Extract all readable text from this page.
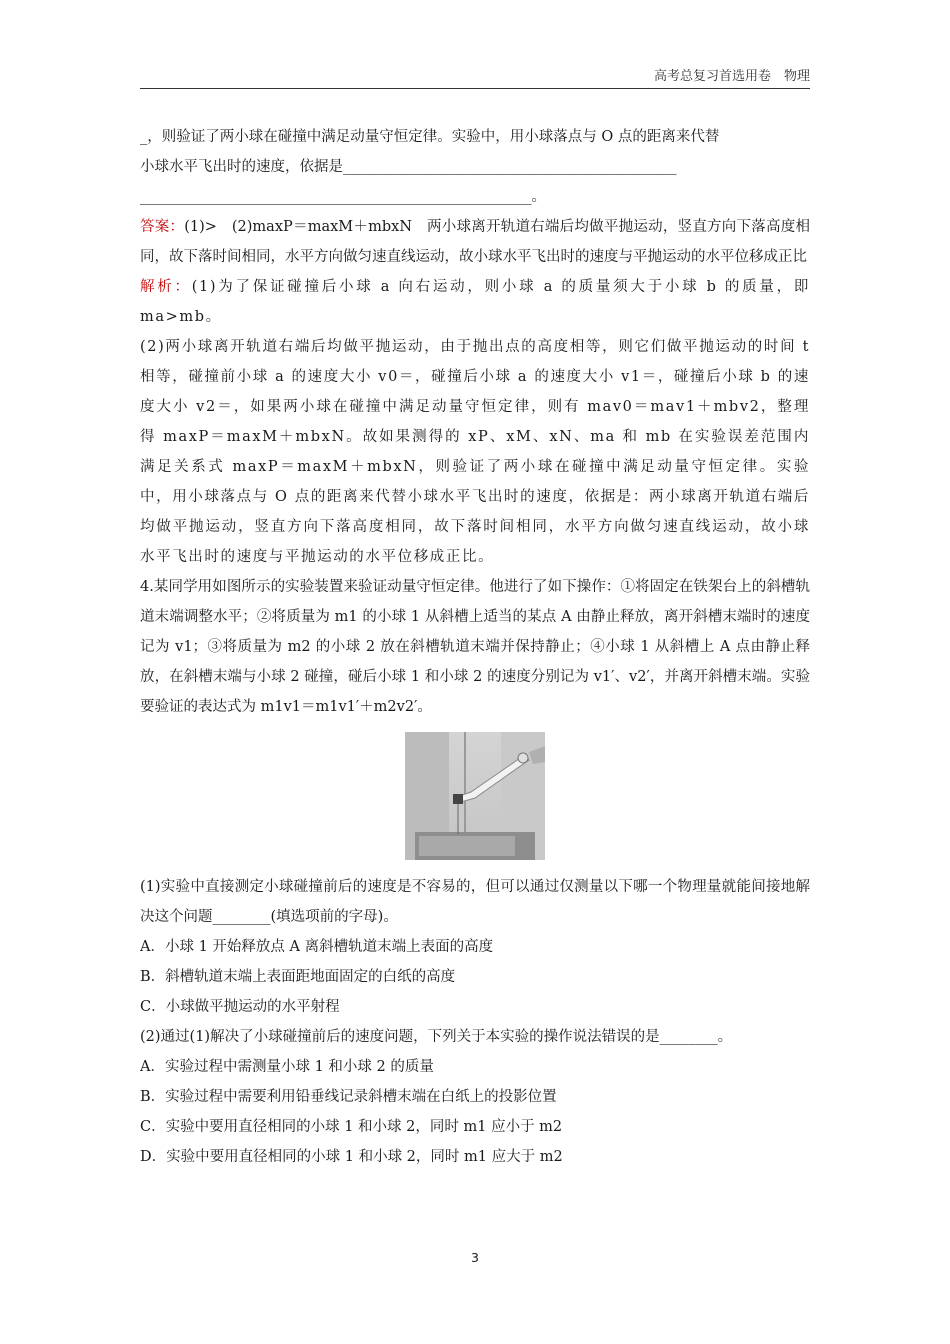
高考总复习首选用卷　物理

_，则验证了两小球在碰撞中满足动量守恒定律。实验中，用小球落点与 O 点的距离来代替

小球水平飞出时的速度，依据是______________________________________________

______________________________________________________。

答案：(1)>　(2)maxP＝maxM＋mbxN　两小球离开轨道右端后均做平抛运动，竖直方向下落高度相同，故下落时间相同，水平方向做匀速直线运动，故小球水平飞出时的速度与平抛运动的水平位移成正比

解析：(1)为了保证碰撞后小球 a 向右运动，则小球 a 的质量须大于小球 b 的质量，即 ma>mb。

(2)两小球离开轨道右端后均做平抛运动，由于抛出点的高度相等，则它们做平抛运动的时间 t 相等，碰撞前小球 a 的速度大小 v0＝，碰撞后小球 a 的速度大小 v1＝，碰撞后小球 b 的速度大小 v2＝，如果两小球在碰撞中满足动量守恒定律，则有 mav0＝mav1＋mbv2，整理得 maxP＝maxM＋mbxN。故如果测得的 xP、xM、xN、ma 和 mb 在实验误差范围内满足关系式 maxP＝maxM＋mbxN，则验证了两小球在碰撞中满足动量守恒定律。实验中，用小球落点与 O 点的距离来代替小球水平飞出时的速度，依据是：两小球离开轨道右端后均做平抛运动，竖直方向下落高度相同，故下落时间相同，水平方向做匀速直线运动，故小球水平飞出时的速度与平抛运动的水平位移成正比。

4.某同学用如图所示的实验装置来验证动量守恒定律。他进行了如下操作：①将固定在铁架台上的斜槽轨道末端调整水平；②将质量为 m1 的小球 1 从斜槽上适当的某点 A 由静止释放，离开斜槽末端时的速度记为 v1；③将质量为 m2 的小球 2 放在斜槽轨道末端并保持静止；④小球 1 从斜槽上 A 点由静止释放，在斜槽末端与小球 2 碰撞，碰后小球 1 和小球 2 的速度分别记为 v1′、v2′，并离开斜槽末端。实验要验证的表达式为 m1v1＝m1v1′＋m2v2′。

(1)实验中直接测定小球碰撞前后的速度是不容易的，但可以通过仅测量以下哪一个物理量就能间接地解决这个问题________(填选项前的字母)。

A．小球 1 开始释放点 A 离斜槽轨道末端上表面的高度

B．斜槽轨道末端上表面距地面固定的白纸的高度

C．小球做平抛运动的水平射程

(2)通过(1)解决了小球碰撞前后的速度问题，下列关于本实验的操作说法错误的是________。

A．实验过程中需测量小球 1 和小球 2 的质量

B．实验过程中需要利用铅垂线记录斜槽末端在白纸上的投影位置

C．实验中要用直径相同的小球 1 和小球 2，同时 m1 应小于 m2

D．实验中要用直径相同的小球 1 和小球 2，同时 m1 应大于 m2

3
